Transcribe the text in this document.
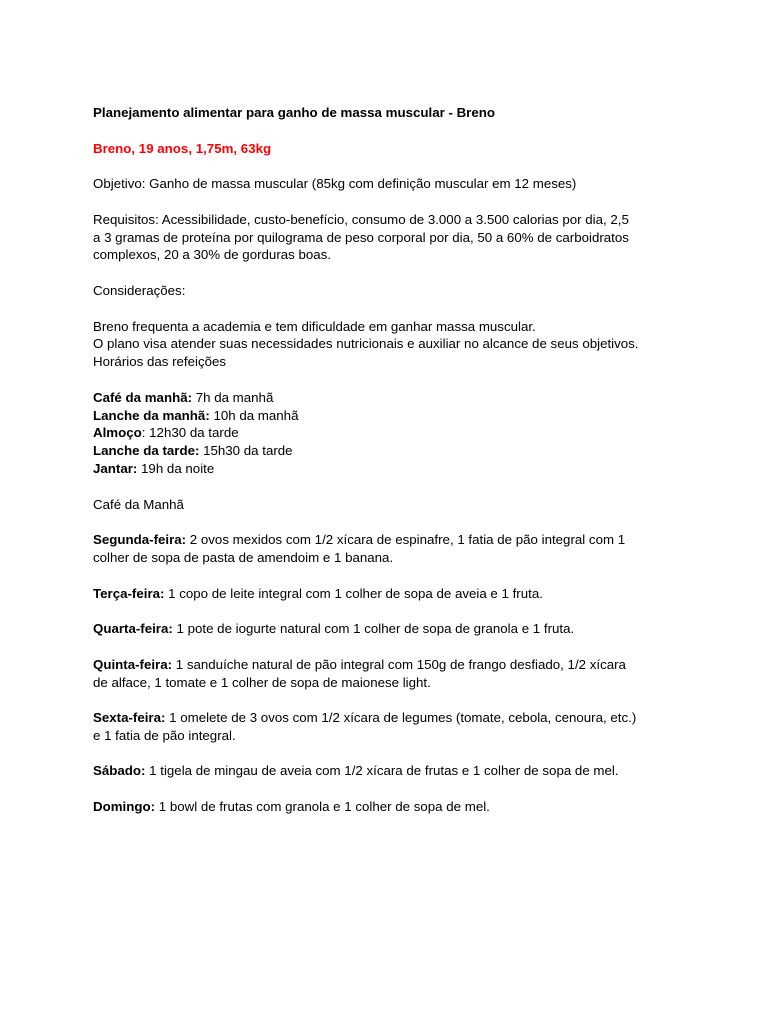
Planejamento alimentar para ganho de massa muscular - Breno
Breno, 19 anos, 1,75m, 63kg
Objetivo: Ganho de massa muscular (85kg com definição muscular em 12 meses)
Requisitos: Acessibilidade, custo-benefício, consumo de 3.000 a 3.500 calorias por dia, 2,5
a 3 gramas de proteína por quilograma de peso corporal por dia, 50 a 60% de carboidratos
complexos, 20 a 30% de gorduras boas.
Considerações:
Breno frequenta a academia e tem dificuldade em ganhar massa muscular.
O plano visa atender suas necessidades nutricionais e auxiliar no alcance de seus objetivos.
Horários das refeições
Café da manhã: 7h da manhã
Lanche da manhã: 10h da manhã
Almoço: 12h30 da tarde
Lanche da tarde: 15h30 da tarde
Jantar: 19h da noite
Café da Manhã
Segunda-feira: 2 ovos mexidos com 1/2 xícara de espinafre, 1 fatia de pão integral com 1
colher de sopa de pasta de amendoim e 1 banana.
Terça-feira: 1 copo de leite integral com 1 colher de sopa de aveia e 1 fruta.
Quarta-feira: 1 pote de iogurte natural com 1 colher de sopa de granola e 1 fruta.
Quinta-feira: 1 sanduíche natural de pão integral com 150g de frango desfiado, 1/2 xícara
de alface, 1 tomate e 1 colher de sopa de maionese light.
Sexta-feira: 1 omelete de 3 ovos com 1/2 xícara de legumes (tomate, cebola, cenoura, etc.)
e 1 fatia de pão integral.
Sábado: 1 tigela de mingau de aveia com 1/2 xícara de frutas e 1 colher de sopa de mel.
Domingo: 1 bowl de frutas com granola e 1 colher de sopa de mel.
